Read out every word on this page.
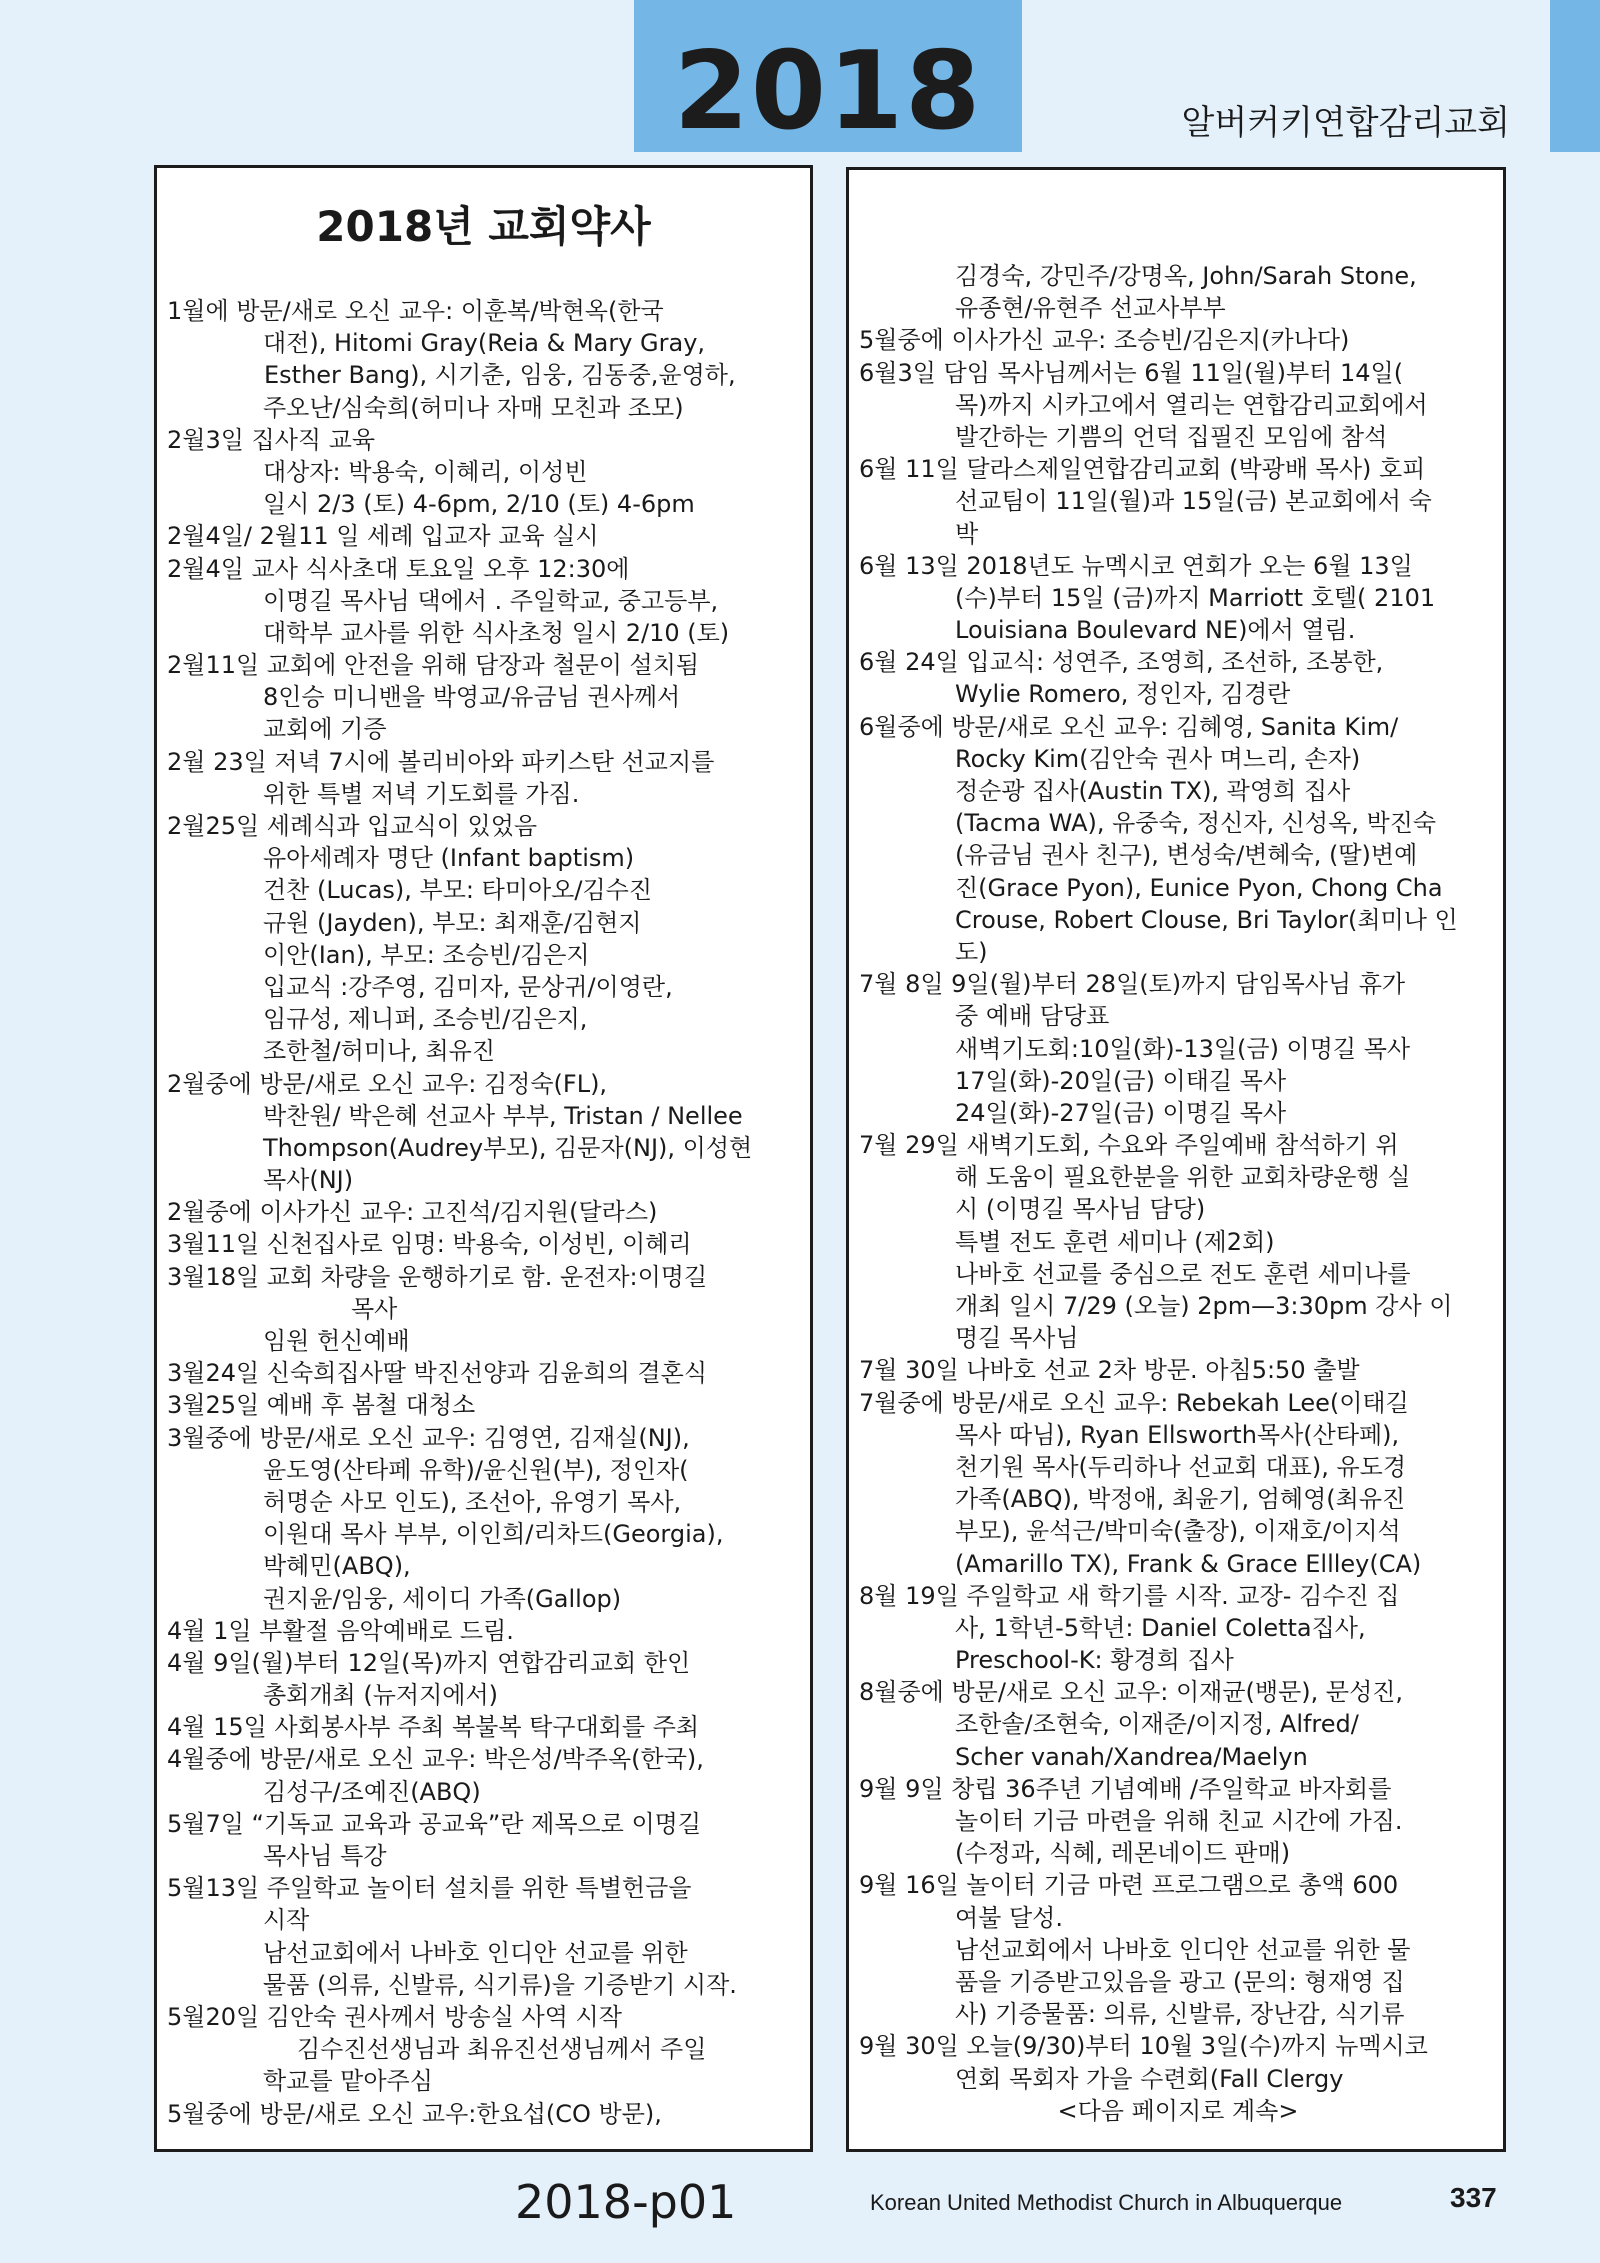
2018	알버커키연합감리교회
2018년 교회약사
1월에 방문/새로 오신 교우: 이훈복/박현옥(한국
대전), Hitomi Gray(Reia & Mary Gray,
Esther Bang), 시기춘, 임웅, 김동중,윤영하,
주오난/심숙희(허미나 자매 모친과 조모)
2월3일 집사직 교육
대상자: 박용숙, 이혜리, 이성빈
일시 2/3 (토) 4-6pm, 2/10 (토) 4-6pm
2월4일/ 2월11 일 세례 입교자 교육 실시
2월4일 교사 식사초대 토요일 오후 12:30에
이명길 목사님 댁에서 . 주일학교, 중고등부,
대학부 교사를 위한 식사초청 일시 2/10 (토)
2월11일 교회에 안전을 위해 담장과 철문이 설치됨
8인승 미니밴을 박영교/유금님 권사께서
교회에 기증
2월 23일 저녁 7시에 볼리비아와 파키스탄 선교지를
위한 특별 저녁 기도회를 가짐.
2월25일 세례식과 입교식이 있었음
유아세례자 명단 (Infant baptism)
건찬 (Lucas), 부모: 타미아오/김수진
규원 (Jayden), 부모: 최재훈/김현지
이안(Ian), 부모: 조승빈/김은지
입교식 :강주영, 김미자, 문상귀/이영란,
임규성, 제니퍼, 조승빈/김은지,
조한철/허미나, 최유진
2월중에 방문/새로 오신 교우: 김정숙(FL),
박찬원/ 박은혜 선교사 부부, Tristan / Nellee
Thompson(Audrey부모), 김문자(NJ), 이성현
목사(NJ)
2월중에 이사가신 교우: 고진석/김지원(달라스)
3월11일 신천집사로 임명: 박용숙, 이성빈, 이혜리
3월18일 교회 차량을 운행하기로 함. 운전자:이명길
목사
임원 헌신예배
3월24일 신숙희집사딸 박진선양과 김윤희의 결혼식
3월25일 예배 후 봄철 대청소
3월중에 방문/새로 오신 교우: 김영연, 김재실(NJ),
윤도영(산타페 유학)/윤신원(부), 정인자(
허명순 사모 인도), 조선아, 유영기 목사,
이원대 목사 부부, 이인희/리차드(Georgia),
박혜민(ABQ),
권지윤/임웅, 세이디 가족(Gallop)
4월 1일 부활절 음악예배로 드림.
4월 9일(월)부터 12일(목)까지 연합감리교회 한인
총회개최 (뉴저지에서)
4월 15일 사회봉사부 주최 복불복 탁구대회를 주최
4월중에 방문/새로 오신 교우: 박은성/박주옥(한국),
김성구/조예진(ABQ)
5월7일 “기독교 교육과 공교육”란 제목으로 이명길
목사님 특강
5월13일 주일학교 놀이터 설치를 위한 특별헌금을
시작
남선교회에서 나바호 인디안 선교를 위한
물품 (의류, 신발류, 식기류)을 기증받기 시작.
5월20일 김안숙 권사께서 방송실 사역 시작
김수진선생님과 최유진선생님께서 주일
학교를 맡아주심
5월중에 방문/새로 오신 교우:한요섭(CO 방문),
김경숙, 강민주/강명옥, John/Sarah Stone,
유종현/유현주 선교사부부
5월중에 이사가신 교우: 조승빈/김은지(카나다)
6월3일 담임 목사님께서는 6월 11일(월)부터 14일(
목)까지 시카고에서 열리는 연합감리교회에서
발간하는 기쁨의 언덕 집필진 모임에 참석
6월 11일 달라스제일연합감리교회 (박광배 목사) 호피
선교팀이 11일(월)과 15일(금) 본교회에서 숙
박
6월 13일 2018년도 뉴멕시코 연회가 오는 6월 13일
(수)부터 15일 (금)까지 Marriott 호텔( 2101
Louisiana Boulevard NE)에서 열림.
6월 24일 입교식: 성연주, 조영희, 조선하, 조봉한,
Wylie Romero, 정인자, 김경란
6월중에 방문/새로 오신 교우: 김혜영, Sanita Kim/
Rocky Kim(김안숙 권사 며느리, 손자)
정순광 집사(Austin TX), 곽영희 집사
(Tacma WA), 유중숙, 정신자, 신성옥, 박진숙
(유금님 권사 친구), 변성숙/변혜숙, (딸)변예
진(Grace Pyon), Eunice Pyon, Chong Cha
Crouse, Robert Clouse, Bri Taylor(최미나 인
도)
7월 8일 9일(월)부터 28일(토)까지 담임목사님 휴가
중 예배 담당표
새벽기도회:10일(화)-13일(금) 이명길 목사
17일(화)-20일(금) 이태길 목사
24일(화)-27일(금) 이명길 목사
7월 29일 새벽기도회, 수요와 주일예배 참석하기 위
해 도움이 필요한분을 위한 교회차량운행 실
시 (이명길 목사님 담당)
특별 전도 훈련 세미나 (제2회)
나바호 선교를 중심으로 전도 훈련 세미나를
개최 일시 7/29 (오늘) 2pm—3:30pm 강사 이
명길 목사님
7월 30일 나바호 선교 2차 방문. 아침5:50 출발
7월중에 방문/새로 오신 교우: Rebekah Lee(이태길
목사 따님), Ryan Ellsworth목사(산타페),
천기원 목사(두리하나 선교회 대표), 유도경
가족(ABQ), 박정애, 최윤기, 엄혜영(최유진
부모), 윤석근/박미숙(출장), 이재호/이지석
(Amarillo TX), Frank & Grace Ellley(CA)
8월 19일 주일학교 새 학기를 시작. 교장- 김수진 집
사, 1학년-5학년: Daniel Coletta집사,
Preschool-K: 황경희 집사
8월중에 방문/새로 오신 교우: 이재균(뱅문), 문성진,
조한솔/조현숙, 이재준/이지정, Alfred/
Scher vanah/Xandrea/Maelyn
9월 9일 창립 36주년 기념예배 /주일학교 바자회를
놀이터 기금 마련을 위해 친교 시간에 가짐.
(수정과, 식혜, 레몬네이드 판매)
9월 16일 놀이터 기금 마련 프로그램으로 총액 600
여불 달성.
남선교회에서 나바호 인디안 선교를 위한 물
품을 기증받고있음을 광고 (문의: 형재영 집
사) 기증물품: 의류, 신발류, 장난감, 식기류
9월 30일 오늘(9/30)부터 10월 3일(수)까지 뉴멕시코
연회 목회자 가을 수련회(Fall Clergy
<다음 페이지로 계속>
2018-p01	Korean United Methodist Church in Albuquerque	337
